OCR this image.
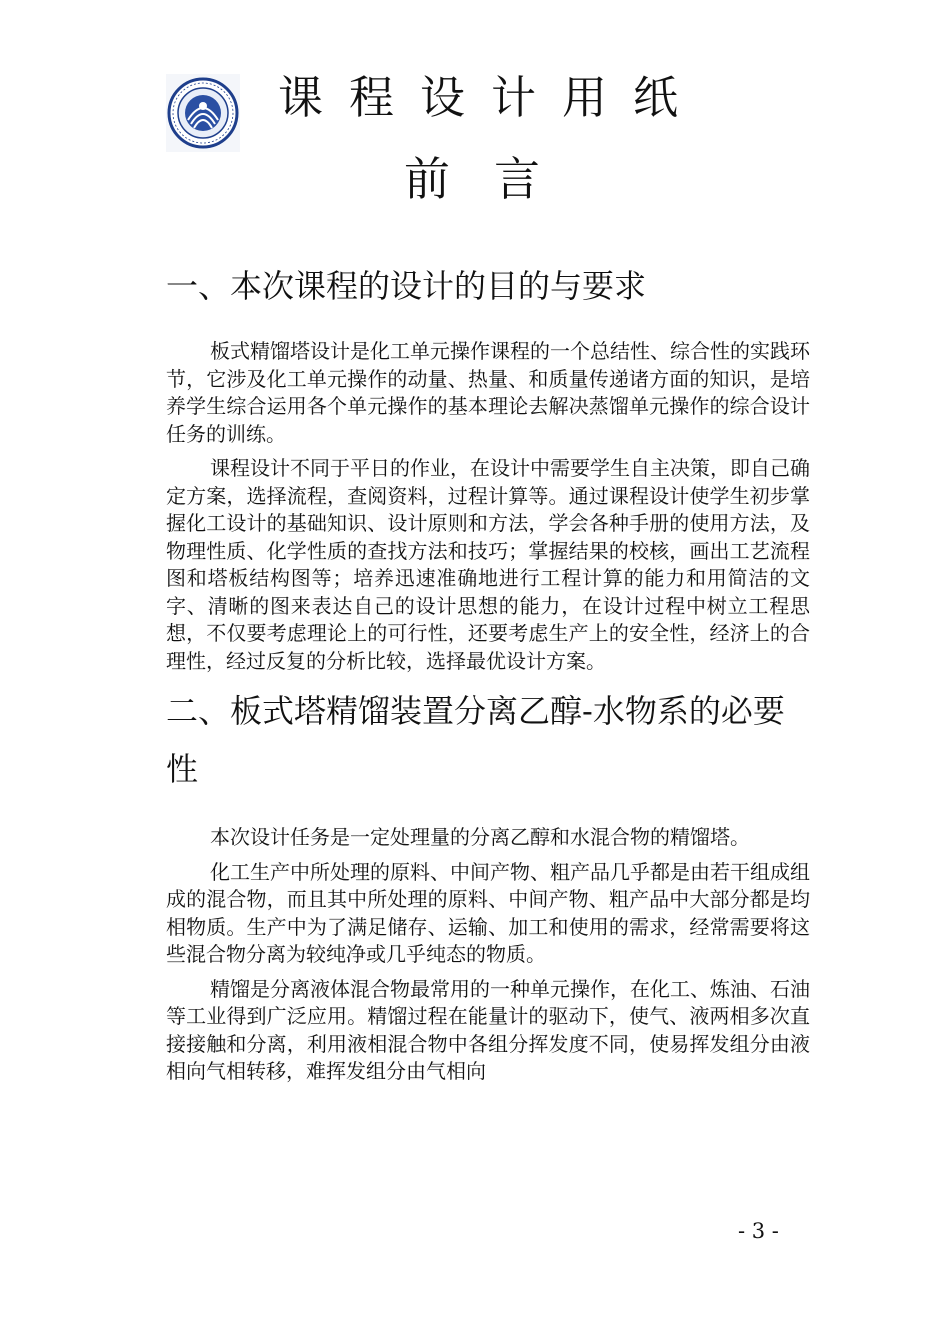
课程设计用纸
前言
一、本次课程的设计的目的与要求

板式精馏塔设计是化工单元操作课程的一个总结性、综合性的实践环节，它涉及化工单元操作的动量、热量、和质量传递诸方面的知识，是培养学生综合运用各个单元操作的基本理论去解决蒸馏单元操作的综合设计任务的训练。

课程设计不同于平日的作业，在设计中需要学生自主决策，即自己确定方案，选择流程，查阅资料，过程计算等。通过课程设计使学生初步掌握化工设计的基础知识、设计原则和方法，学会各种手册的使用方法，及物理性质、化学性质的查找方法和技巧；掌握结果的校核，画出工艺流程图和塔板结构图等；培养迅速准确地进行工程计算的能力和用简洁的文字、清晰的图来表达自己的设计思想的能力，在设计过程中树立工程思想，不仅要考虑理论上的可行性，还要考虑生产上的安全性，经济上的合理性，经过反复的分析比较，选择最优设计方案。

二、板式塔精馏装置分离乙醇-水物系的必要性

本次设计任务是一定处理量的分离乙醇和水混合物的精馏塔。

化工生产中所处理的原料、中间产物、粗产品几乎都是由若干组成组成的混合物，而且其中所处理的原料、中间产物、粗产品中大部分都是均相物质。生产中为了满足储存、运输、加工和使用的需求，经常需要将这些混合物分离为较纯净或几乎纯态的物质。

精馏是分离液体混合物最常用的一种单元操作，在化工、炼油、石油等工业得到广泛应用。精馏过程在能量计的驱动下，使气、液两相多次直接接触和分离，利用液相混合物中各组分挥发度不同，使易挥发组分由液相向气相转移，难挥发组分由气相向

- 3 -
